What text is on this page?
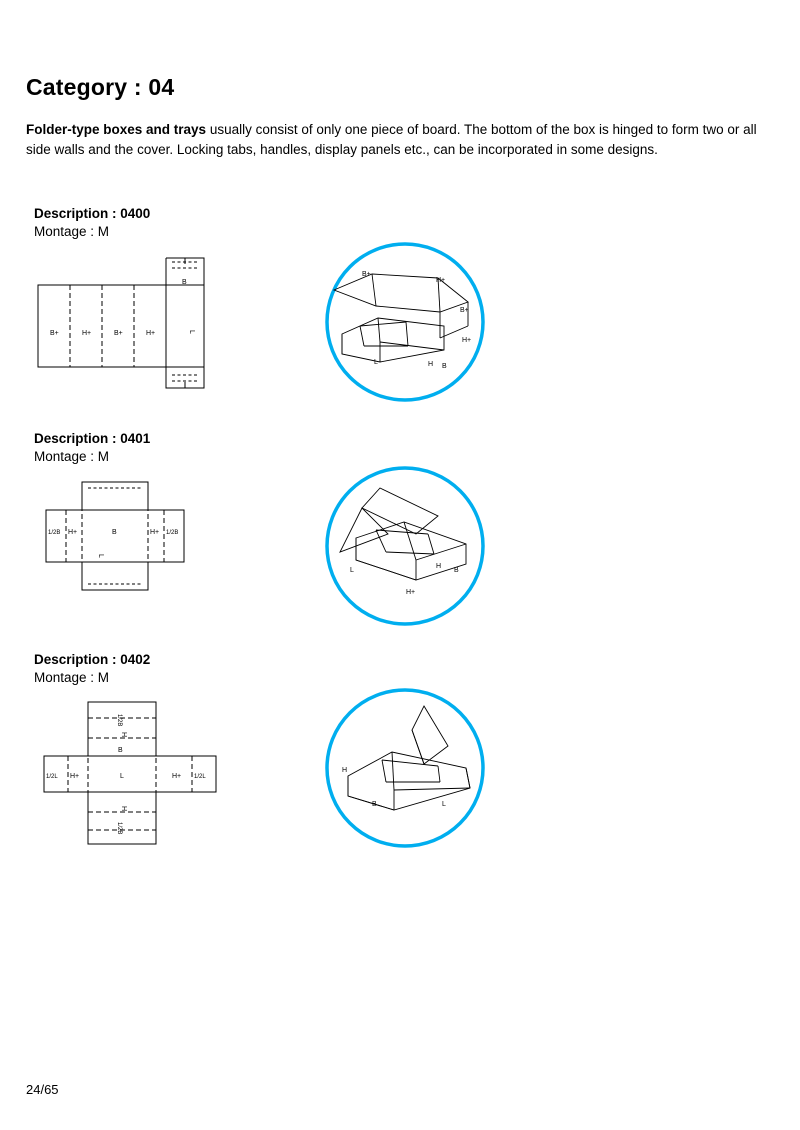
Category : 04
Folder-type boxes and trays usually consist of only one piece of board. The bottom of the box is hinged to form two or all side walls and the cover. Locking tabs, handles, display panels etc., can be incorporated in some designs.
Description : 0400
Montage : M
B+	H+	B+	H+
B
L
B+
H+
B+
H+
L	H B
Description : 0401
Montage : M
1/2B H+	B	H+ 1/2B
L
L
H
B
H+
Description : 0402
Montage : M
1/2B
H
B
1/2L H+	L	H+ 1/2L
H
1/2B
H
B	L
24/65
